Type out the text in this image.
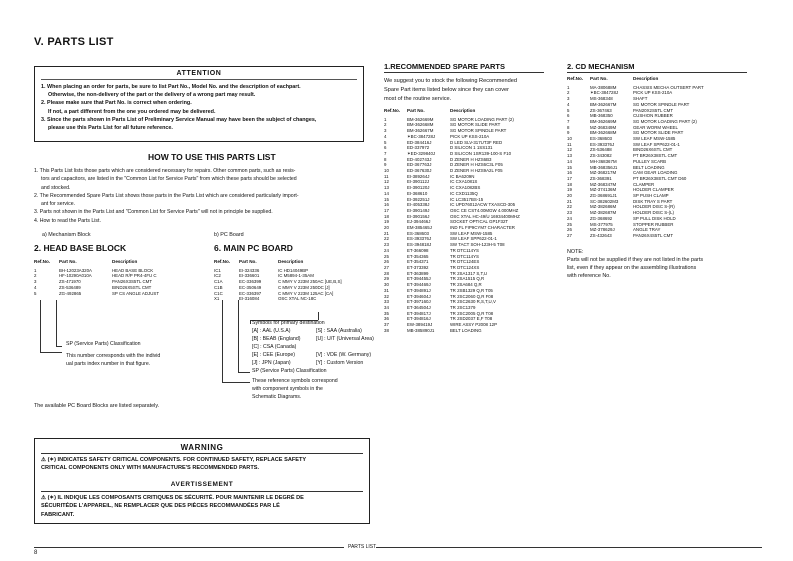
V. PARTS LIST
ATTENTION
1. When placing an order for parts, be sure to list Part No., Model No. and the description of eachpart.
Otherwise, the non-delivery of the part or the delivery of a wrong part may result.
2. Please make sure that Part No. is correct when ordering.
If not, a part different from the one you ordered may be delivered.
3. Since the parts shown in Parts List of Preliminary Service Manual may have been the subject of changes,
please use this Parts List for all future reference.
HOW TO USE THIS PARTS LIST
1. This Parts List lists those parts which are considered necessary for repairs. Other common parts, such as resis-
tors and capacitors, are listed in the "Common List for Service Parts" from which these parts should be selected
and stocked.
2. The Recommended Spare Parts List shows those parts in the Parts List which are considered particularly import-
ant for service.
3. Parts not shown in the Parts List and "Common List for Service Parts" will not in principle be supplied.
4. How to read the Parts List.
a) Mechanism Block	b) PC Board
2. HEAD BASE BLOCK
Ref.No.	Part No.	Description
1	BH-12023A320A	HEAD BASE BLOCK
2	HF-10290A010A	HEAD R/P PR4-4FU C
3	ZS-471970	PAN26X3S5TL CMT
4	ZS-536489	BIND26X5STL CMT
5	ZG-492865	SP CS ANGLE ADJUST
SP (Service Parts) Classification
This number corresponds with the individ
ual parts index number in that figure.
6. MAIN PC BOARD
Ref.No.	Part No.	Description
IC1	EI-324336	IC HD14049BP
IC2	EI-336601	IC M5894-1-35AM
C1A	EC-336399	C MMY V 223M 250AC [UE,B,S]
C1B	EC-350649	C MMY V 223M 250DC [J]
C1C	EC-336397	C MMY V 223M 125AC [CA]
X1	EI-316084	OSC XTAL NC-18C
Symbols for primary destination
[A] : AAL (U.S.A)	[S] : SAA (Australia)
[B] : BEAB (England)	[U] : U/T (Universal Area)
[C] : CSA (Canada)
[E] : CEE (Europe)	[V] : VDE (W. Germany)
[J] : JPN (Japan)	[Y] : Custom Version
SP (Service Parts) Classification
These reference symbols correspond
with component symbols in the
Schematic Diagrams.
The available PC Board Blocks are listed separately.
WARNING
⚠ (✶) INDICATES SAFETY CRITICAL COMPONENTS. FOR CONTINUED SAFETY, REPLACE SAFETY
CRITICAL COMPONENTS ONLY WITH MANUFACTURE'S RECOMMENDED PARTS.
AVERTISSEMENT
⚠ (✶) IL INDIQUE LES COMPOSANTS CRITIQUES DE SÉCURITÉ. POUR MAINTENIR LE DEGRÉ DE
SÉCURITÉDE L'APPAREIL, NE REMPLACER QUE DES PIÈCES RECOMMANDÉES PAR LÉ
FABRICANT.
1.RECOMMENDED SPARE PARTS
We suggest you to stock the following Recommended
Spare Part items listed below since they can cover
most of the routine service.
Ref.No.	Part No.	Description
1	BM-362669M	SG MOTOR LOADING PART (2)
2	BM-362668M	SG MOTOR SLIDE PART
3	BM-362667M	SG MOTOR SPINDLE PART
4	✶BC-384728J	PICK UP KSS-210A
5	ED-384416J	D LED SLV-317UT3F RED
6	ED-337972	D SILICON 1 1SS131
7	✶ED-329840J	D SILICON 1SR139-100-S F10
8	ED-402743J	D ZENER H HZS6B3
9	ED-367763J	D ZENER H HZS6C3L F05
10	ED-367630J	D ZENER H HZS9A2L F05
11	EI-389264J	IC BA6209N
12	EI-390112J	IC CXA1081S
13	EI-390120J	IC CXA1082BS
14	EI-368610	IC CXD1135Q
15	EI-392251J	IC LC3517BS-15
16	EI-405338J	IC UPD76012ACW TXASCD-305
17	EI-390149J	OSC CE CST4.00MGW 4.000MHZ
18	EI-390156J	OSC XTAL HC-49/U 16934400MHZ
19	EJ-394466J	SOCKET OPTICAL GP1F32T
20	EM-385465J	IND FL FIP9CYM7 CHARACTER
21	ES-368603	SW LEAF MSW-1585
22	ES-393376J	SW LEAF SPP622-01-1
23	ES-394818J	SW TACT SOH-123H-5 T08
24	ET-366098	TR DTC114YS
25	ET-354365	TR DTC114YS
26	ET-354371	TR DTC124ES
27	ET-373392	TR DTC124XS
28	ET-363899	TR 2SA1317 S,T,U
29	ET-394455J	TR 2SA1515 Q,R
30	ET-394469J	TR 2SA684 Q,R
31	ET-394891J	TR 2SB1329 Q,R T05
32	ET-394604J	TR 2SC2060 Q,R F08
33	ET-397160J	TR 2SC2630 R,S,T,U,V
34	ET-364504J	TR 2SC1379
35	ET-394817J	TR 2SC2005 Q,R T08
36	ET-394816J	TR 2SD2037 E,F T08
37	EW-389419J	WIRE ASSY P2008 12P
38	MB-385890J1	BELT LOADING
2. CD MECHANISM
Ref.No.	Part No.	Description
1	MA-380688M	CHASSIS MECHA OUTSERT PART
2	✶BC-384728J	PICK UP KSS-210A
3	MS-368348	SHAFT
4	BM-362667M	SG MOTOR SPINDLE PART
5	ZS-367463	PAN20X2S5TL CMT
6	MB-368350	CUSHION RUBBER
7	BM-362669M	SG MOTOR LOADING PART (2)
8	MZ-368349M	GEAR WORM WHEEL
9	BM-362668M	SG MOTOR SLIDE PART
10	ES-368603	SW LEAF MSW-1585
11	ES-393376J	SW LEAF SPP622-01-1
12	ZS-536488	BIND26X6STL CMT
13	ZS-343082	PT BR26X38STL CMT
14	MH-368367M	PULLEY SCARB
15	MB-368356J1	BELT LOADING
16	MZ-368217M	CAM GEAR LOADING
17	ZS-368391	PT BR26X38STL CMT D60
18	MZ-368347M	CLAMPER
19	MZ-374136M	HOLDER CLAMPER
20	ZG-368691J1	SP PUSH CLAMP
21	SC-382602M3	DISK TRAY S PART
22	MZ-382686M	HOLDER DISC S-(R)
23	MZ-382687M	HOLDER DISC S-(L)
24	ZG-368692	SP PULL DISK HOLD
25	MS-377975	STOPPER RUBBER
26	MZ-378629J	ANGLE TRAY
27	ZS-432643	PAN26X4S5TL CMT
NOTE:
Parts will not be supplied if they are not listed in the parts
list, even if they appear on the assembling illustrations
with reference No.
PARTS LIST
8
